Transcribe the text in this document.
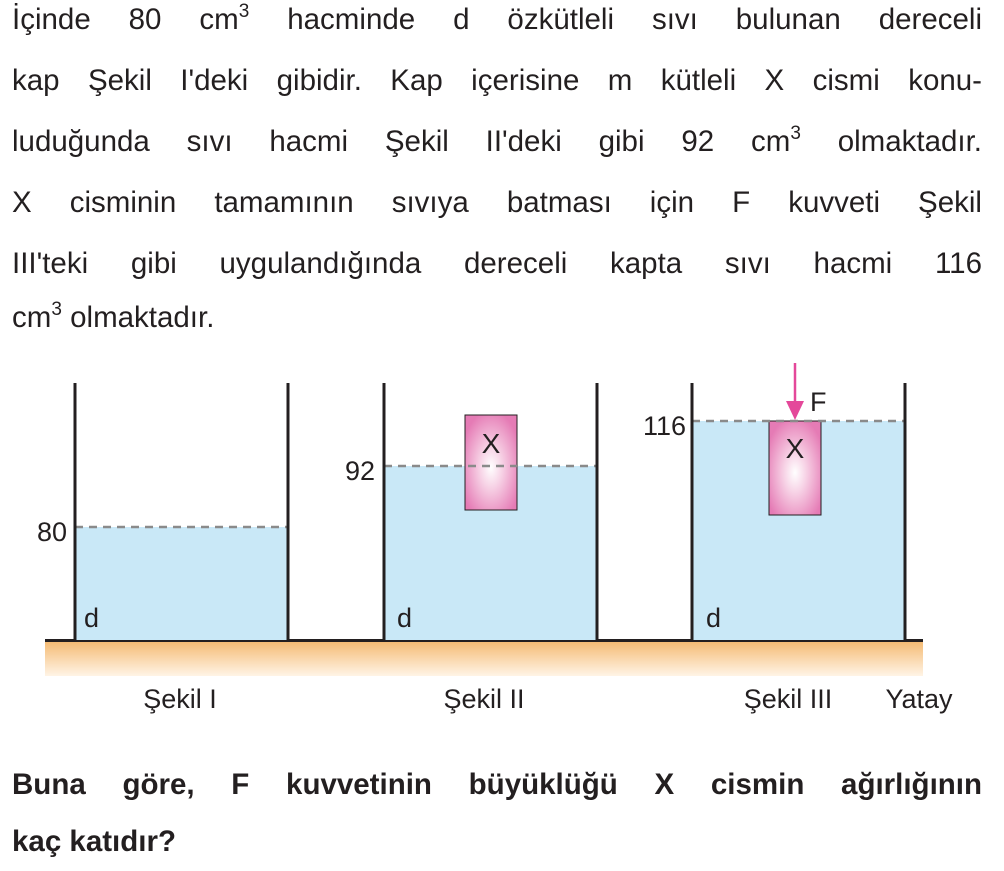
İçinde 80 $cm^3$ hacminde d özkütleli sıvı bulunan dereceli
kap Şekil I'deki gibidir. Kap içerisine m kütleli X cismi konu-
luduğunda sıvı hacmi Şekil II'deki gibi 92 $cm^3$ olmaktadır.
X cisminin tamamının sıvıya batması için F kuvveti Şekil
III'teki gibi uygulandığında dereceli kapta sıvı hacmi 116
$cm^3$ olmaktadır.
80
d
92
X
d
116
X
d
F
Şekil I	Şekil II	Şekil III Yatay
Buna göre, F kuvvetinin büyüklüğü X cismin ağırlığının
kaç katıdır?
